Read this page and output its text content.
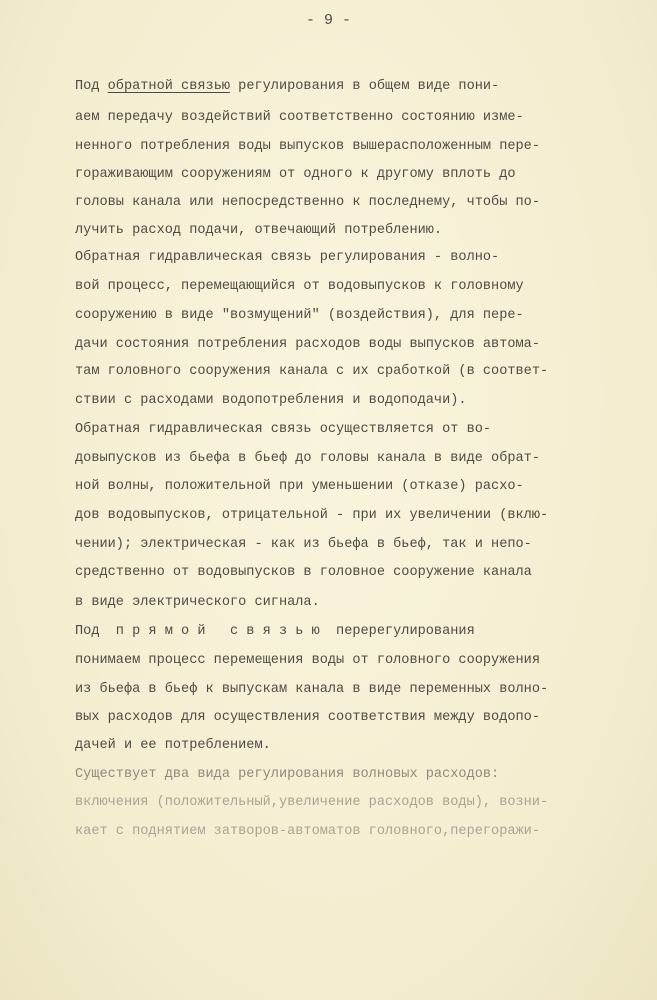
- 9 -
Под обратной связью регулирования в общем виде пони-
аем передачу воздействий соответственно состоянию изме-
ненного потребления воды выпусков вышерасположенным пере-
гораживающим сооружениям от одного к другому вплоть до
головы канала или непосредственно к последнему, чтобы по-
лучить расход подачи, отвечающий потреблению.
Обратная гидравлическая связь регулирования - волно-
вой процесс, перемещающийся от водовыпусков к головному
сооружению в виде "возмущений" (воздействия), для пере-
дачи состояния потребления расходов воды выпусков автома-
там головного сооружения канала с их сработкой (в соответ-
ствии с расходами водопотребления и водоподачи).
Обратная гидравлическая связь осуществляется от во-
довыпусков из бьефа в бьеф до головы канала в виде обрат-
ной волны, положительной при уменьшении (отказе) расхо-
дов водовыпусков, отрицательной - при их увеличении (вклю-
чении); электрическая - как из бьефа в бьеф, так и непо-
средственно от водовыпусков в головное сооружение канала
в виде электрического сигнала.
Под  п р я м о й   с в я з ь ю  перерегулирования
понимаем процесс перемещения воды от головного сооружения
из бьефа в бьеф к выпускам канала в виде переменных волно-
вых расходов для осуществления соответствия между водопо-
дачей и ее потреблением.
Существует два вида регулирования волновых расходов:
включения (положительный,увеличение расходов воды), возни-
кает с поднятием затворов-автоматов головного,перегоражи-
